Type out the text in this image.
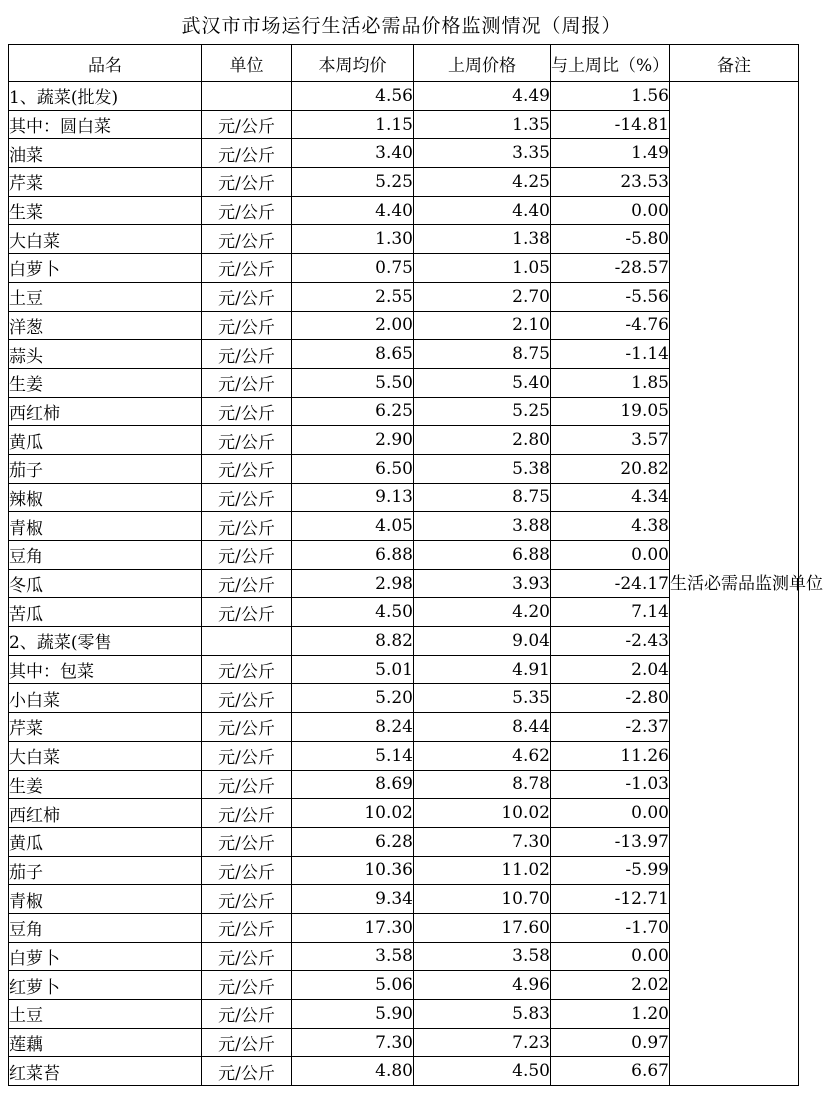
武汉市市场运行生活必需品价格监测情况（周报）
品名	单位	本周均价	上周价格	与上周比（%）	备注
1、蔬菜(批发)		4.56	4.49	1.56	生活必需品监测单位
其中：圆白菜	元/公斤	1.15	1.35	-14.81	
油菜	元/公斤	3.40	3.35	1.49	
芹菜	元/公斤	5.25	4.25	23.53	
生菜	元/公斤	4.40	4.40	0.00	
大白菜	元/公斤	1.30	1.38	-5.80	
白萝卜	元/公斤	0.75	1.05	-28.57	
土豆	元/公斤	2.55	2.70	-5.56	
洋葱	元/公斤	2.00	2.10	-4.76	
蒜头	元/公斤	8.65	8.75	-1.14	
生姜	元/公斤	5.50	5.40	1.85	
西红柿	元/公斤	6.25	5.25	19.05	
黄瓜	元/公斤	2.90	2.80	3.57	
茄子	元/公斤	6.50	5.38	20.82	
辣椒	元/公斤	9.13	8.75	4.34	
青椒	元/公斤	4.05	3.88	4.38	
豆角	元/公斤	6.88	6.88	0.00	
冬瓜	元/公斤	2.98	3.93	-24.17	
苦瓜	元/公斤	4.50	4.20	7.14	
2、蔬菜(零售		8.82	9.04	-2.43	
其中：包菜	元/公斤	5.01	4.91	2.04	
小白菜	元/公斤	5.20	5.35	-2.80	
芹菜	元/公斤	8.24	8.44	-2.37	
大白菜	元/公斤	5.14	4.62	11.26	
生姜	元/公斤	8.69	8.78	-1.03	
西红柿	元/公斤	10.02	10.02	0.00	
黄瓜	元/公斤	6.28	7.30	-13.97	
茄子	元/公斤	10.36	11.02	-5.99	
青椒	元/公斤	9.34	10.70	-12.71	
豆角	元/公斤	17.30	17.60	-1.70	
白萝卜	元/公斤	3.58	3.58	0.00	
红萝卜	元/公斤	5.06	4.96	2.02	
土豆	元/公斤	5.90	5.83	1.20	
莲藕	元/公斤	7.30	7.23	0.97	
红菜苔	元/公斤	4.80	4.50	6.67	
